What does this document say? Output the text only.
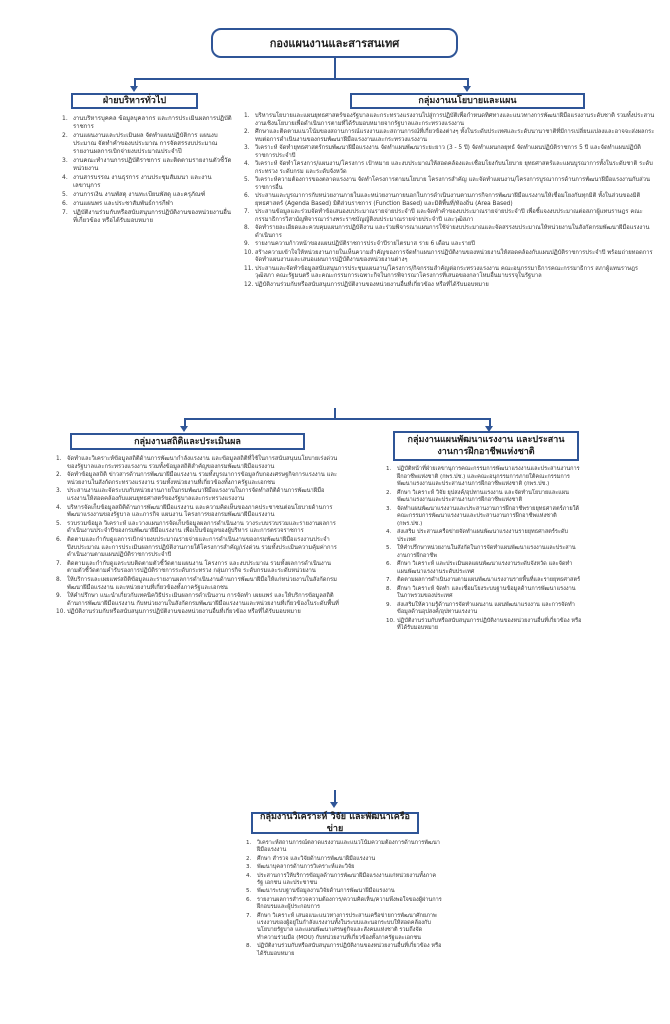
กองแผนงานและสารสนเทศ
ฝ่ายบริหารทั่วไป
1. งานบริหารบุคคล ข้อมูลบุคลากร และการประเมินผลการปฏิบัติราชการ
2. งานแผนงานและประเมินผล จัดทำแผนปฏิบัติการ แผนงบประมาณ จัดทำคำของบประมาณ การจัดสรรงบประมาณ รายงานผลการเบิกจ่ายงบประมาณประจำปี
3. งานคณะทำงานการปฏิบัติราชการ และติดตามรายงานตัวชี้วัดหน่วยงาน
4. งานสารบรรณ งานธุรการ งานประชุมสัมมนา และงานเลขานุการ
5. งานการเงิน งานพัสดุ งานทะเบียนพัสดุ และครุภัณฑ์
6. งานแผนพร และประชาสัมพันธ์การกีฬา
7. ปฏิบัติงานร่วมกับหรือสนับสนุนการปฏิบัติงานของหน่วยงานอื่นที่เกี่ยวข้อง หรือได้รับมอบหมาย
กลุ่มงานนโยบายและแผน
1. บริหารนโยบายและแผนยุทธศาสตร์ของรัฐบาลและกระทรวงแรงงานไปสู่การปฏิบัติเพื่อกำหนดทิศทางและแนวทางการพัฒนาฝีมือแรงงานระดับชาติ รวมทั้งประสานงานเชิงนโยบายเพื่อดำเนินการตามที่ได้รับมอบหมายจากรัฐบาลและกระทรวงแรงงาน
2. ศึกษาและติดตามแนวโน้มของสถานการณ์แรงงานและสถานการณ์ที่เกี่ยวข้องต่างๆ ทั้งในระดับประเทศและระดับนานาชาติที่มีการเปลี่ยนแปลงและอาจจะส่งผลกระทบต่อการดำเนินงานของกรมพัฒนาฝีมือแรงงานและกระทรวงแรงงาน
3. วิเคราะห์ จัดทำยุทธศาสตร์กรมพัฒนาฝีมือแรงงาน จัดทำแผนพัฒนาระยะยาว (3 - 5 ปี) จัดทำแผนกลยุทธ์ จัดทำแผนปฏิบัติราชการ 5 ปี และจัดทำแผนปฏิบัติราชการประจำปี
4. วิเคราะห์ จัดทำโครงการ/แผนงาน/โครงการ เป้าหมาย และงบประมาณให้สอดคล้องและเชื่อมโยงกับนโยบาย ยุทธศาสตร์และแผนบูรณาการทั้งในระดับชาติ ระดับกระทรวง ระดับกรม และระดับจังหวัด
5. วิเคราะห์ความต้องการของตลาดแรงงาน จัดทำโครงการตามนโยบาย โครงการสำคัญ และจัดทำแผนงาน/โครงการบูรณาการด้านการพัฒนาฝีมือแรงงานกับส่วนราชการอื่น
6. ประสานและบูรณาการกับหน่วยงานภายในและหน่วยงานภายนอกในการดำเนินงานตามภารกิจการพัฒนาฝีมือแรงงานให้เชื่อมโยงกันทุกมิติ ทั้งในส่วนของมิติยุทธศาสตร์ (Agenda Based) มิติส่วนราชการ (Function Based) และมิติพื้นที่/ท้องถิ่น (Area Based)
7. ประสานข้อมูลและร่วมจัดทำข้อเสนองบประมาณรายจ่ายประจำปี และจัดทำคำของบประมาณรายจ่ายประจำปี เพื่อชี้แจงงบประมาณต่อสภาผู้แทนราษฎร คณะกรรมาธิการวิสามัญพิจารณาร่างพระราชบัญญัติงบประมาณรายจ่ายประจำปี และวุฒิสภา
8. จัดทำรายละเอียดและควบคุมแผนการปฏิบัติงาน และร่วมพิจารณาแผนการใช้จ่ายงบประมาณและจัดสรรงบประมาณให้หน่วยงานในสังกัดกรมพัฒนาฝีมือแรงงานดำเนินการ
9. รายงานความก้าวหน้าของแผนปฏิบัติราชการประจำปีรายไตรมาส ราย 6 เดือน และรายปี
10. สร้างความเข้าใจให้หน่วยงานภายในเห็นความสำคัญของการจัดทำแผนการปฏิบัติงานของหน่วยงานให้สอดคล้องกับแผนปฏิบัติราชการประจำปี พร้อมถ่ายทอดการจัดทำแผนงานและเสนอแผนการปฏิบัติงานของหน่วยงานต่างๆ
11. ประสานและจัดทำข้อมูลสนับสนุนการประชุมแผนงาน/โครงการ/กิจกรรมสำคัญต่อกระทรวงแรงงาน คณะอนุกรรมาธิการคณะกรรมาธิการ สภาผู้แทนราษฎร วุฒิสภา คณะรัฐมนตรี และคณะกรรมการเฉพาะกิจในการพิจารณาโครงการที่เสนอของกลาโหมอื่นมาบรรจุในรัฐบาล
12. ปฏิบัติงานร่วมกับหรือสนับสนุนการปฏิบัติงานของหน่วยงานอื่นที่เกี่ยวข้อง หรือที่ได้รับมอบหมาย
กลุ่มงานสถิติและประเมินผล
1. จัดทำและวิเคราะห์ข้อมูลสถิติด้านการพัฒนากำลังแรงงาน และข้อมูลสถิติที่ใช้ในการสนับสนุนนโยบายเร่งด่วนของรัฐบาลและกระทรวงแรงงาน รวมทั้งข้อมูลสถิติสำคัญของกรมพัฒนาฝีมือแรงงาน
2. จัดทำข้อมูลสถิติ ข่าวสารด้านการพัฒนาฝีมือแรงงาน รวมทั้งบูรณาการข้อมูลกับกองเศรษฐกิจการแรงงาน และหน่วยงานในสังกัดกระทรวงแรงงาน รวมทั้งหน่วยงานที่เกี่ยวข้องทั้งภาครัฐและเอกชน
3. ประสานงานและจัดระบบกับหน่วยงานภายในกรมพัฒนาฝีมือแรงงานในการจัดทำสถิติด้านการพัฒนาฝีมือแรงงานให้สอดคล้องกับแผนยุทธศาสตร์ของรัฐบาลและกระทรวงแรงงาน
4. บริหารจัดเก็บข้อมูลสถิติด้านการพัฒนาฝีมือแรงงาน และความคิดเห็นของภาคประชาชนต่อนโยบายด้านการพัฒนาแรงงานของรัฐบาล และภารกิจ แผนงาน โครงการของกรมพัฒนาฝีมือแรงงาน
5. รวบรวมข้อมูล วิเคราะห์ และวางแผนการจัดเก็บข้อมูลผลการดำเนินงาน วางระบบรวบรวมและรายงานผลการดำเนินงานประจำปีของกรมพัฒนาฝีมือแรงงาน เพื่อเป็นข้อมูลของผู้บริหาร และการตรวจราชการ
6. ติดตามและกำกับดูแลการเบิกจ่ายงบประมาณรายจ่ายและการดำเนินงานของกรมพัฒนาฝีมือแรงงานประจำปีงบประมาณ และการประเมินผลการปฏิบัติงานภายใต้โครงการสำคัญ/เร่งด่วน รวมทั้งประเมินความคุ้มค่าการดำเนินงานตามแผนปฏิบัติราชการประจำปี
7. ติดตามและกำกับดูแลระบบติดตามตัวชี้วัดตามแผนงาน โครงการ และงบประมาณ รวมทั้งผลการดำเนินงานตามตัวชี้วัดตามคำรับรองการปฏิบัติราชการระดับกระทรวง กลุ่มภารกิจ ระดับกรมและระดับหน่วยงาน
8. ให้บริการและเผยแพร่สถิติข้อมูลและรายงานผลการดำเนินงานด้านการพัฒนาฝีมือให้แก่หน่วยงานในสังกัดกรมพัฒนาฝีมือแรงงาน และหน่วยงานที่เกี่ยวข้องทั้งภาครัฐและเอกชน
9. ให้คำปรึกษา แนะนำเกี่ยวกับเทคนิควิธีประเมินผลการดำเนินงาน การจัดทำ เผยแพร่ และให้บริการข้อมูลสถิติด้านการพัฒนาฝีมือแรงงาน กับหน่วยงานในสังกัดกรมพัฒนาฝีมือแรงงานและหน่วยงานที่เกี่ยวข้องในระดับพื้นที่
10. ปฏิบัติงานร่วมกับหรือสนับสนุนการปฏิบัติงานของหน่วยงานอื่นที่เกี่ยวข้อง หรือที่ได้รับมอบหมาย
กลุ่มงานแผนพัฒนาแรงงาน และประสานงานการฝึกอาชีพแห่งชาติ
1.	ปฏิบัติหน้าที่ฝ่ายเลขานุการคณะกรรมการพัฒนาแรงงานและประสานงานการฝึกอาชีพแห่งชาติ (กพร.ปช.) และคณะอนุกรรมการภายใต้คณะกรรมการพัฒนาแรงงานและประสานงานการฝึกอาชีพแห่งชาติ (กพร.ปช.)
2.	ศึกษา วิเคราะห์ วิจัย ยุปสงค์/อุปทานแรงงาน และจัดทำนโยบายและแผนพัฒนาแรงงานและประสานงานการฝึกอาชีพแห่งชาติ
3.	จัดทำแผนพัฒนาแรงงานและประสานงานการฝึกอาชีพรายยุทธศาสตร์ภายใต้คณะกรรมการพัฒนาแรงงานและประสานงานการฝึกอาชีพแห่งชาติ (กพร.ปช.)
4.	ส่งเสริม ประสานเครือข่ายจัดทำแผนพัฒนาแรงงานรายยุทธศาสตร์ระดับประเทศ
5.	ให้คำปรึกษาหน่วยงานในสังกัดในการจัดทำแผนพัฒนาแรงงานและประสานงานการฝึกอาชีพ
6.	ศึกษา วิเคราะห์ และประเมินผลแผนพัฒนาแรงงานระดับจังหวัด และจัดทำแผนพัฒนาแรงงานระดับประเทศ
7.	ติดตามผลการดำเนินงานตามแผนพัฒนาแรงงานรายพื้นที่และรายยุทธศาสตร์
8.	ศึกษา วิเคราะห์ จัดทำ และเชื่อมโยงระบบฐานข้อมูลด้านการพัฒนาแรงงานในภาพรวมของประเทศ
9.	ส่งเสริมให้ความรู้ด้านการจัดทำแผนงาน แผนพัฒนาแรงงาน และการจัดทำข้อมูลด้านอุปสงค์/อุปทานแรงงาน
10. ปฏิบัติงานร่วมกับหรือสนับสนุนการปฏิบัติงานของหน่วยงานอื่นที่เกี่ยวข้อง หรือที่ได้รับมอบหมาย
กลุ่มงานวิเคราะห์ วิจัย และพัฒนาเครือข่าย
1.	วิเคราะห์สถานการณ์ตลาดแรงงานและแนวโน้มความต้องการด้านการพัฒนาฝีมือแรงงาน
2.	ศึกษา สำรวจ และวิจัยด้านการพัฒนาฝีมือแรงงาน
3.	พัฒนาบุคลากรด้านการวิเคราะห์และวิจัย
4.	ประสานการให้บริการข้อมูลด้านการพัฒนาฝีมือแรงงานแก่หน่วยงานทั้งภาครัฐ เอกชน และประชาชน
5.	พัฒนาระบบฐานข้อมูลงานวิจัยด้านการพัฒนาฝีมือแรงงาน
6.	รายงานผลการสำรวจความต้องการ/ความคิดเห็น/ความพึงพอใจของผู้ผ่านการฝึกอบรมและผู้ประกอบการ
7.	ศึกษา วิเคราะห์ เสนอแนะแนวทางการประสานเครือข่ายการพัฒนาศักยภาพแรงงานของผู้อยู่ในกำลังแรงงานทั้งในระบบและนอกระบบให้สอดคล้องกับนโยบายรัฐบาล และแผนพัฒนาเศรษฐกิจและสังคมแห่งชาติ รวมถึงจัดทำความร่วมมือ (MOU) กับหน่วยงานที่เกี่ยวข้องทั้งภาครัฐและเอกชน
8.	ปฏิบัติงานร่วมกับหรือสนับสนุนการปฏิบัติงานของหน่วยงานอื่นที่เกี่ยวข้อง หรือได้รับมอบหมาย
